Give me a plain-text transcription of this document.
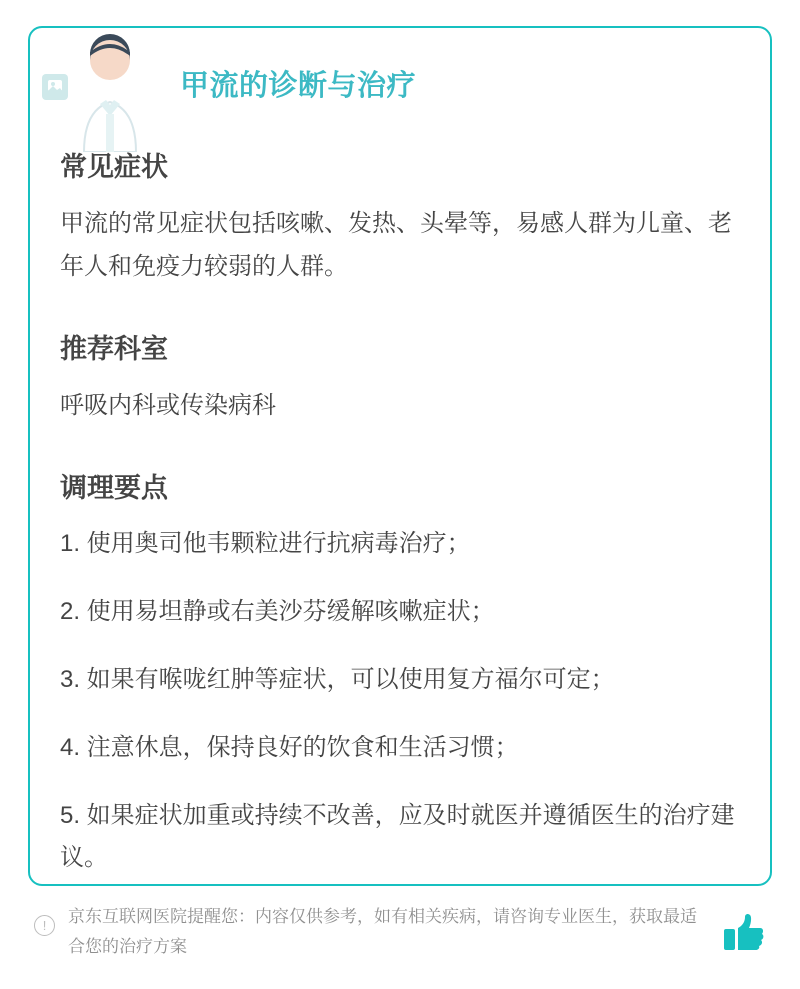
甲流的诊断与治疗
常见症状

甲流的常见症状包括咳嗽、发热、头晕等，易感人群为儿童、老年人和免疫力较弱的人群。

推荐科室

呼吸内科或传染病科

调理要点
1. 使用奥司他韦颗粒进行抗病毒治疗；
2. 使用易坦静或右美沙芬缓解咳嗽症状；
3. 如果有喉咙红肿等症状，可以使用复方福尔可定；
4. 注意休息，保持良好的饮食和生活习惯；
5. 如果症状加重或持续不改善，应及时就医并遵循医生的治疗建议。
!	京东互联网医院提醒您：内容仅供参考，如有相关疾病，请咨询专业医生，获取最适合您的治疗方案
